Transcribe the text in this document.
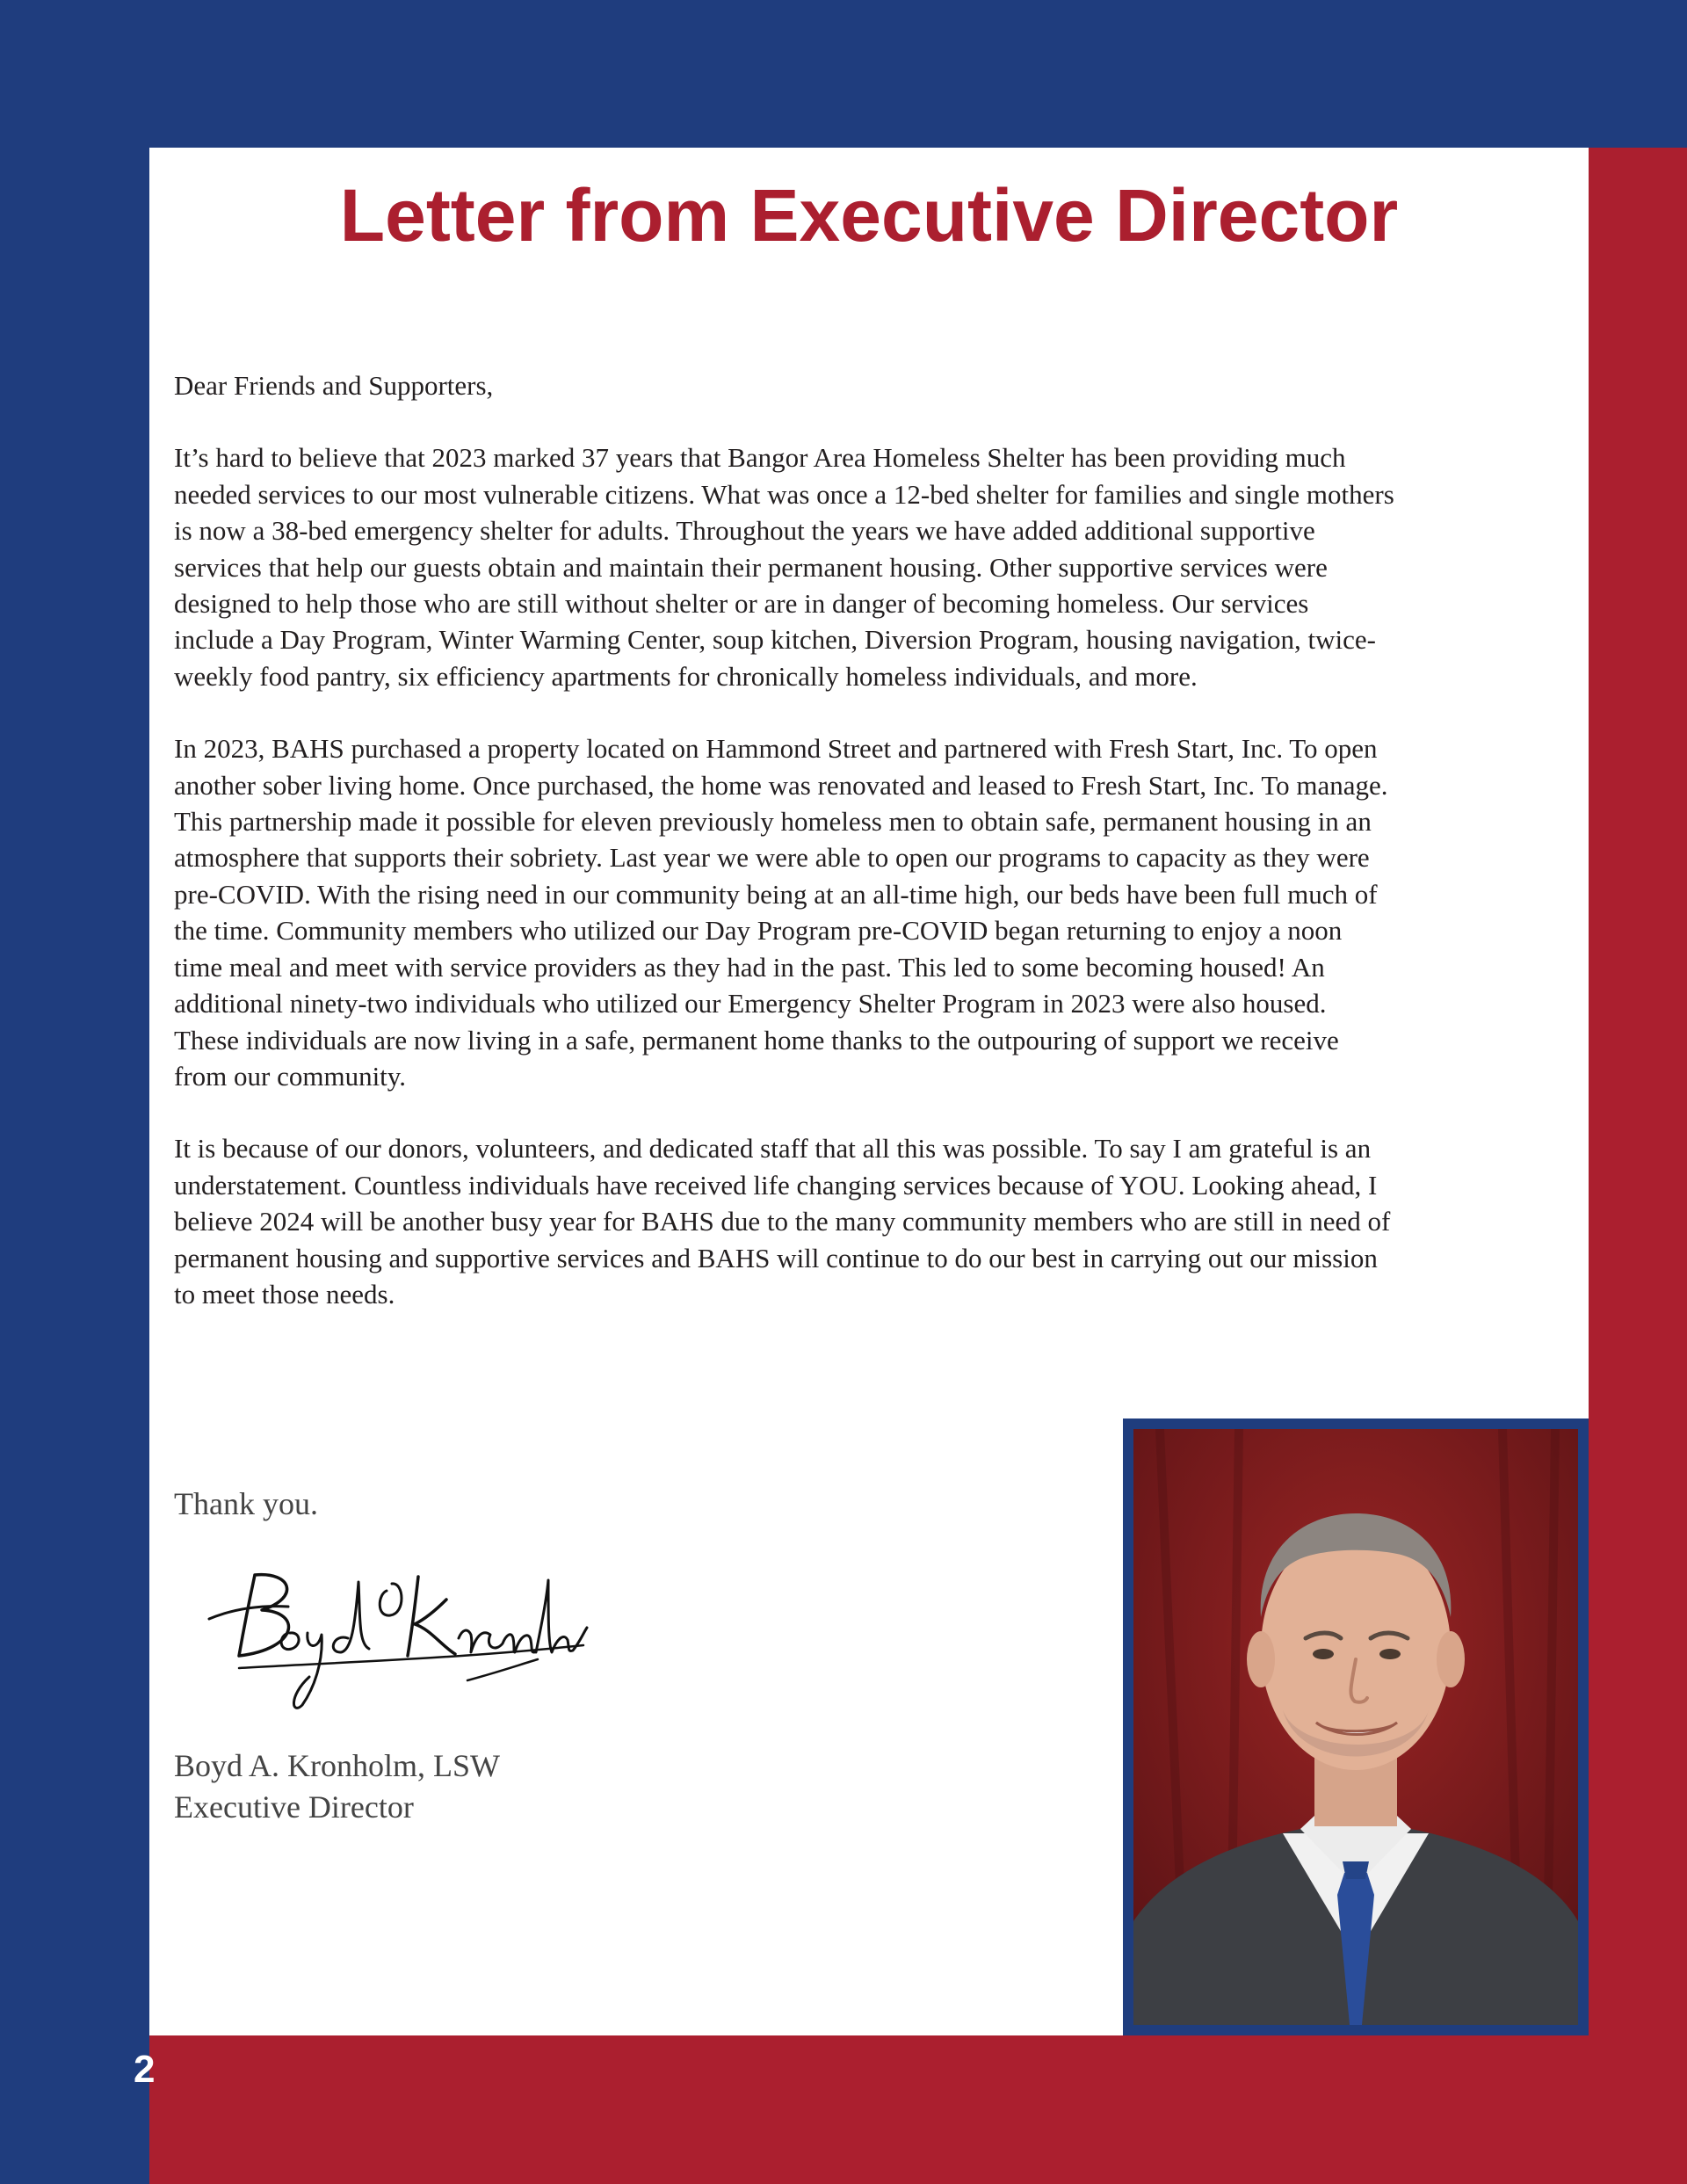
Letter from Executive Director

Dear Friends and Supporters,

It’s hard to believe that 2023 marked 37 years that Bangor Area Homeless Shelter has been providing much needed services to our most vulnerable citizens. What was once a 12-bed shelter for families and single mothers is now a 38-bed emergency shelter for adults. Throughout the years we have added additional supportive services that help our guests obtain and maintain their permanent housing. Other supportive services were designed to help those who are still without shelter or are in danger of becoming homeless. Our services include a Day Program, Winter Warming Center, soup kitchen, Diversion Program, housing navigation, twice-weekly food pantry, six efficiency apartments for chronically homeless individuals, and more.

In 2023, BAHS purchased a property located on Hammond Street and partnered with Fresh Start, Inc. To open another sober living home. Once purchased, the home was renovated and leased to Fresh Start, Inc. To manage. This partnership made it possible for eleven previously homeless men to obtain safe, permanent housing in an atmosphere that supports their sobriety. Last year we were able to open our programs to capacity as they were pre-COVID. With the rising need in our community being at an all-time high, our beds have been full much of the time. Community members who utilized our Day Program pre-COVID began returning to enjoy a noon time meal and meet with service providers as they had in the past. This led to some becoming housed! An additional ninety-two individuals who utilized our Emergency Shelter Program in 2023 were also housed. These individuals are now living in a safe, permanent home thanks to the outpouring of support we receive from our community.

It is because of our donors, volunteers, and dedicated staff that all this was possible. To say I am grateful is an understatement. Countless individuals have received life changing services because of YOU. Looking ahead, I believe 2024 will be another busy year for BAHS due to the many community members who are still in need of permanent housing and supportive services and BAHS will continue to do our best in carrying out our mission to meet those needs.

Thank you.

Boyd A. Kronholm, LSW
Executive Director
2
